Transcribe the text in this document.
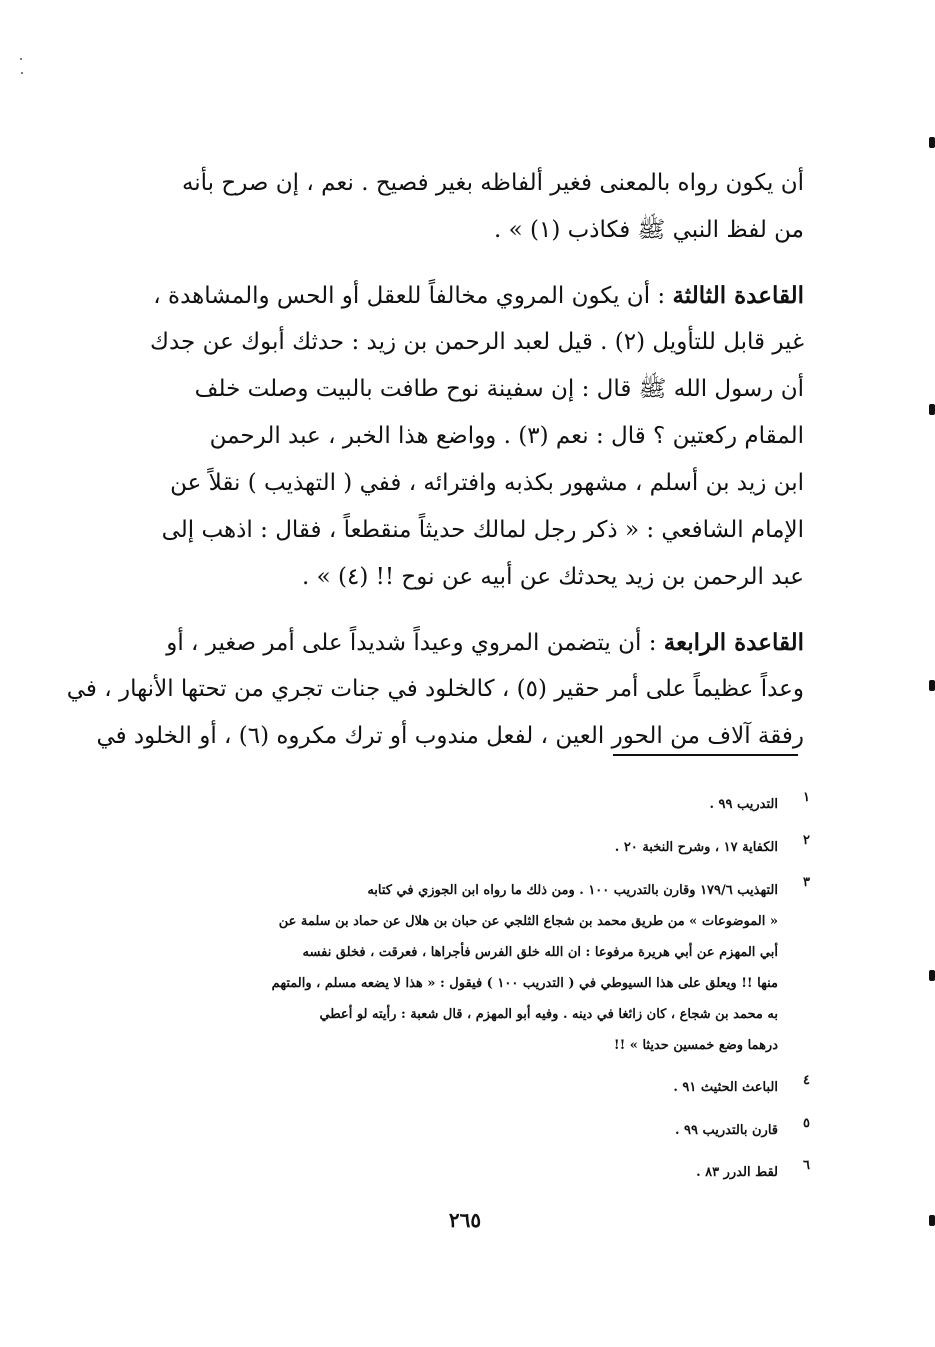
أن يكون رواه بالمعنى فغير ألفاظه بغير فصيح . نعم ، إن صرح بأنه
من لفظ النبي ﷺ فكاذب (١) » .
القاعدة الثالثة : أن يكون المروي مخالفاً للعقل أو الحس والمشاهدة ،
غير قابل للتأويل (٢) . قيل لعبد الرحمن بن زيد : حدثك أبوك عن جدك
أن رسول الله ﷺ قال : إن سفينة نوح طافت بالبيت وصلت خلف
المقام ركعتين ؟ قال : نعم (٣) . وواضع هذا الخبر ، عبد الرحمن
ابن زيد بن أسلم ، مشهور بكذبه وافترائه ، ففي ( التهذيب ) نقلاً عن
الإمام الشافعي : « ذكر رجل لمالك حديثاً منقطعاً ، فقال : اذهب إلى
عبد الرحمن بن زيد يحدثك عن أبيه عن نوح !! (٤) » .
القاعدة الرابعة : أن يتضمن المروي وعيداً شديداً على أمر صغير ، أو
وعداً عظيماً على أمر حقير (٥) ، كالخلود في جنات تجري من تحتها الأنهار ، في
رفقة آلاف من الحور العين ، لفعل مندوب أو ترك مكروه (٦) ، أو الخلود في
١
التدريب ٩٩ .
٢
الكفاية ١٧ ، وشرح النخبة ٢٠ .
٣
التهذيب ١٧٩/٦ وقارن بالتدريب ١٠٠ . ومن ذلك ما رواه ابن الجوزي في كتابه
« الموضوعات » من طريق محمد بن شجاع الثلجي عن حبان بن هلال عن حماد بن سلمة عن
أبي المهزم عن أبي هريرة مرفوعا : ان الله خلق الفرس فأجراها ، فعرقت ، فخلق نفسه
منها !! ويعلق على هذا السيوطي في ( التدريب ١٠٠ ) فيقول : « هذا لا يضعه مسلم ، والمتهم
به محمد بن شجاع ، كان زائغا في دينه . وفيه أبو المهزم ، قال شعبة : رأيته لو أعطي
درهما وضع خمسين حديثا » !!
٤
الباعث الحثيث ٩١ .
٥
قارن بالتدريب ٩٩ .
٦
لقط الدرر ٨٣ .
٢٦٥
